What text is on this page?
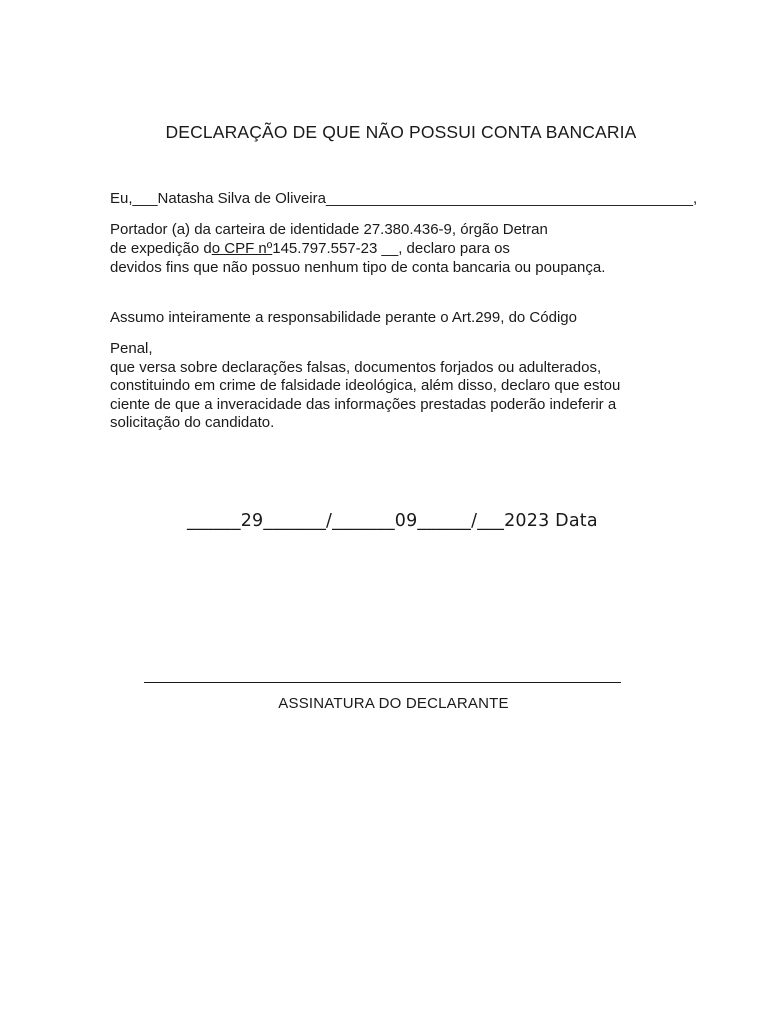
DECLARAÇÃO DE QUE NÃO POSSUI CONTA BANCARIA

Eu,___Natasha Silva de Oliveira____________________________________________,

Portador (a) da carteira de identidade 27.380.436-9, órgão Detran

de expedição do CPF nº145.797.557-23 __, declaro para os

devidos fins que não possuo nenhum tipo de conta bancaria ou poupança.

Assumo inteiramente a responsabilidade perante o Art.299, do Código

Penal,

que versa sobre declarações falsas, documentos forjados ou adulterados,

constituindo em crime de falsidade ideológica, além disso, declaro que estou

ciente de que a inveracidade das informações prestadas poderão indeferir a

solicitação do candidato.

______29_______/_______09______/___2023 Data

ASSINATURA DO DECLARANTE
